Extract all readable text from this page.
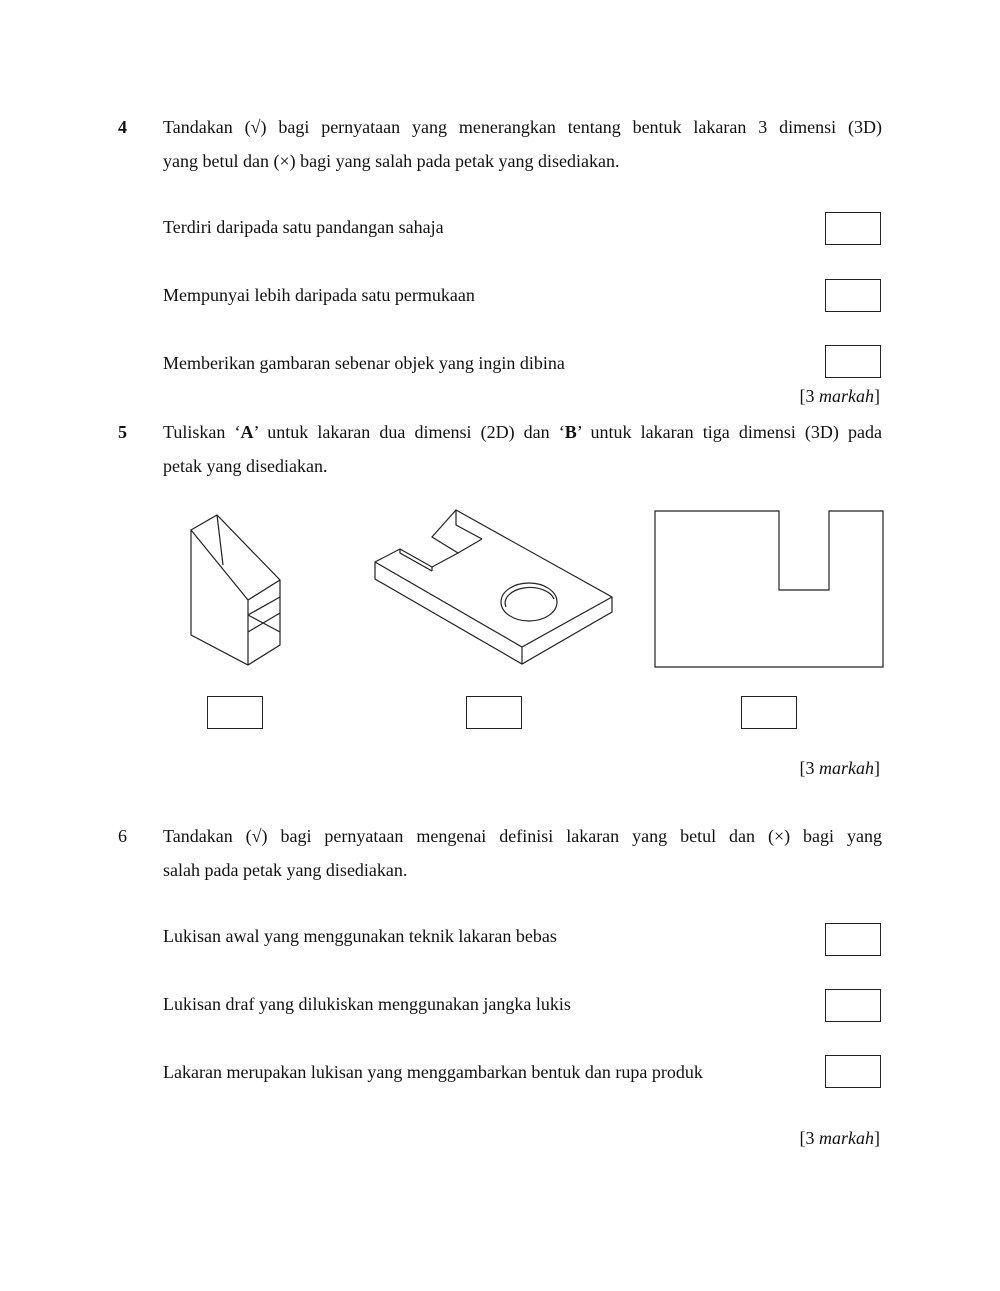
4 Tandakan (√) bagi pernyataan yang menerangkan tentang bentuk lakaran 3 dimensi (3D)
yang betul dan (×) bagi yang salah pada petak yang disediakan.
Terdiri daripada satu pandangan sahaja
Mempunyai lebih daripada satu permukaan
Memberikan gambaran sebenar objek yang ingin dibina
[3 markah]
5 Tuliskan ‘A’ untuk lakaran dua dimensi (2D) dan ‘B’ untuk lakaran tiga dimensi (3D) pada
petak yang disediakan.
[3 markah]
6 Tandakan (√) bagi pernyataan mengenai definisi lakaran yang betul dan (×) bagi yang
salah pada petak yang disediakan.
Lukisan awal yang menggunakan teknik lakaran bebas
Lukisan draf yang dilukiskan menggunakan jangka lukis
Lakaran merupakan lukisan yang menggambarkan bentuk dan rupa produk
[3 markah]
